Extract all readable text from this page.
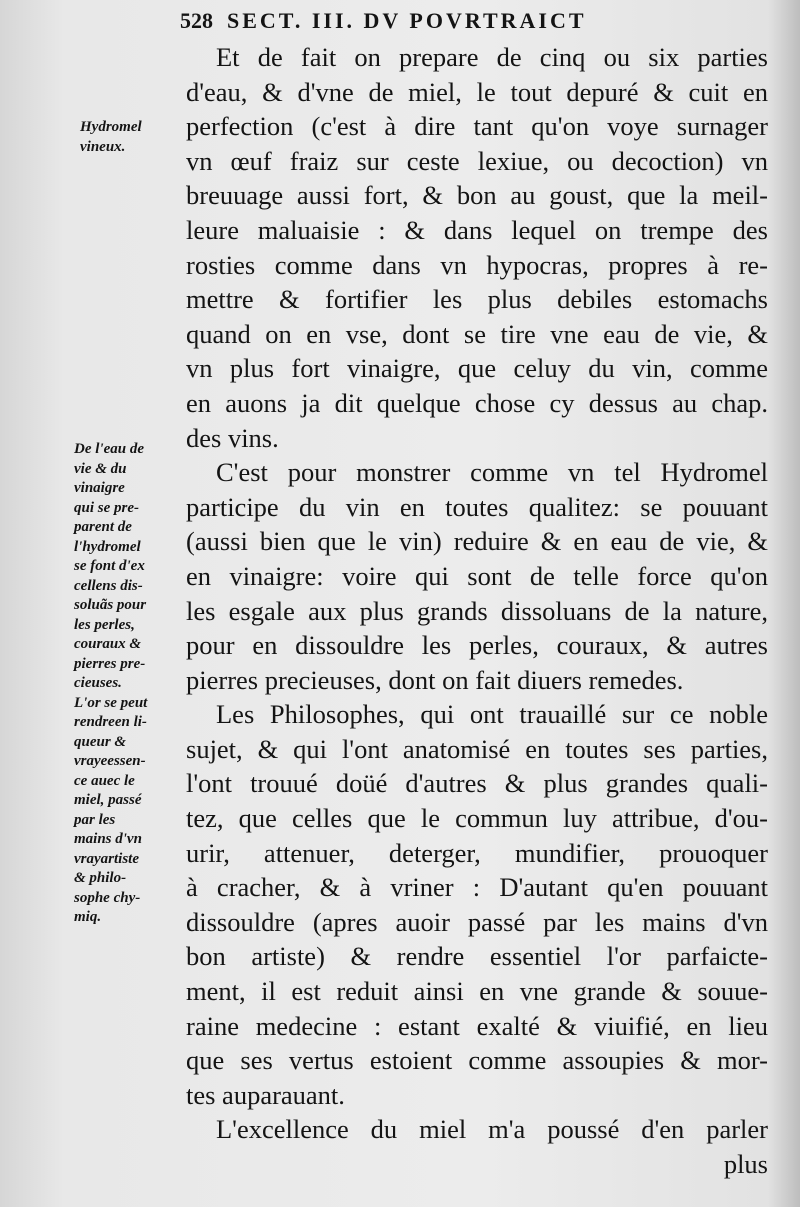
528 SECT. III. DV POVRTRAICT
Hydromel
vineux.
De l'eau de
vie & du
vinaigre
qui se pre-
parent de
l'hydromel
se font d'ex
cellens dis-
soluãs pour
les perles,
couraux &
pierres pre-
cieuses.
L'or se peut
rendreen li-
queur &
vrayeessen-
ce auec le
miel, passé
par les
mains d'vn
vrayartiste
& philo-
sophe chy-
miq.
Et de fait on prepare de cinq ou six parties
d'eau, & d'vne de miel, le tout depuré & cuit en
perfection (c'est à dire tant qu'on voye surnager
vn œuf fraiz sur ceste lexiue, ou decoction) vn
breuuage aussi fort, & bon au goust, que la meil-
leure maluaisie : & dans lequel on trempe des
rosties comme dans vn hypocras, propres à re-
mettre & fortifier les plus debiles estomachs
quand on en vse, dont se tire vne eau de vie, &
vn plus fort vinaigre, que celuy du vin, comme
en auons ja dit quelque chose cy dessus au chap.
des vins.
C'est pour monstrer comme vn tel Hydromel
participe du vin en toutes qualitez: se pouuant
(aussi bien que le vin) reduire & en eau de vie, &
en vinaigre: voire qui sont de telle force qu'on
les esgale aux plus grands dissoluans de la nature,
pour en dissouldre les perles, couraux, & autres
pierres precieuses, dont on fait diuers remedes.
Les Philosophes, qui ont trauaillé sur ce noble
sujet, & qui l'ont anatomisé en toutes ses parties,
l'ont trouué doüé d'autres & plus grandes quali-
tez, que celles que le commun luy attribue, d'ou-
urir, attenuer, deterger, mundifier, prouoquer
à cracher, & à vriner : D'autant qu'en pouuant
dissouldre (apres auoir passé par les mains d'vn
bon artiste) & rendre essentiel l'or parfaicte-
ment, il est reduit ainsi en vne grande & souue-
raine medecine : estant exalté & viuifié, en lieu
que ses vertus estoient comme assoupies & mor-
tes auparauant.
L'excellence du miel m'a poussé d'en parler
plus
